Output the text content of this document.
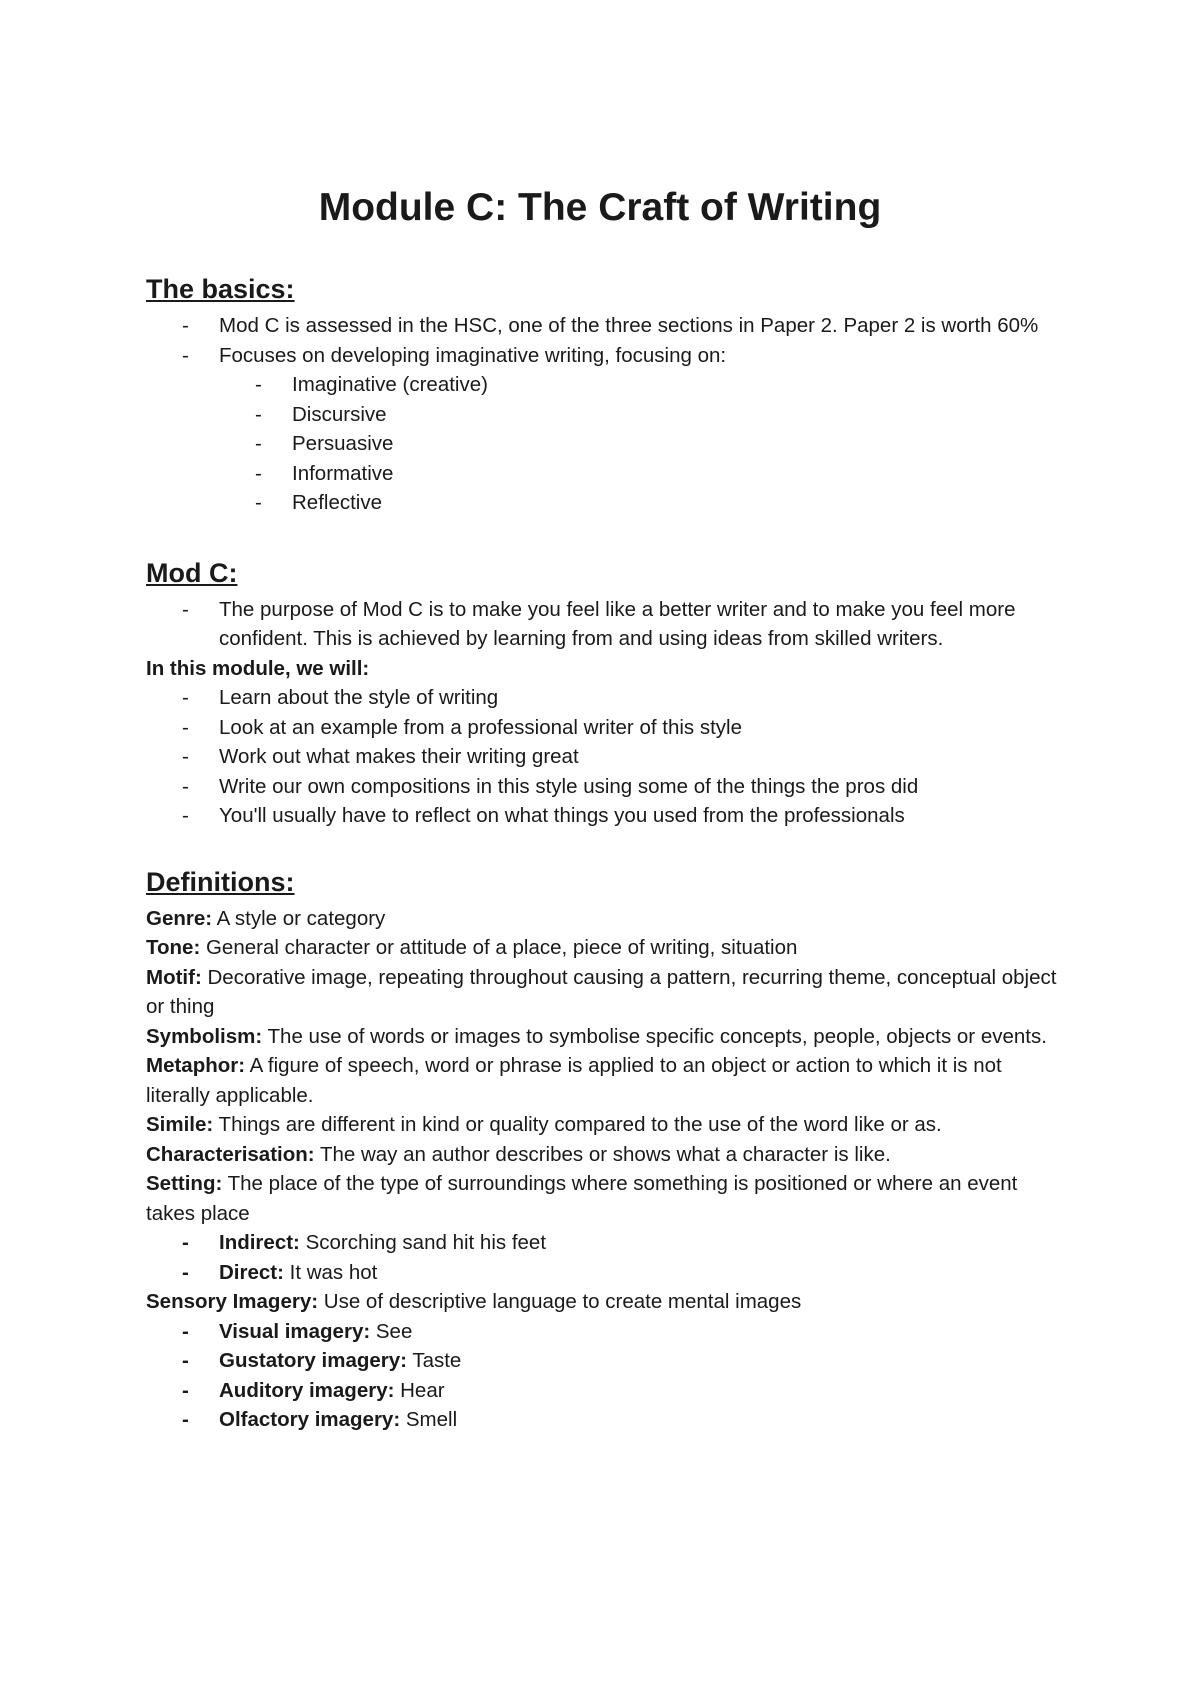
Module C: The Craft of Writing
The basics:
- Mod C is assessed in the HSC, one of the three sections in Paper 2. Paper 2 is worth 60%
- Focuses on developing imaginative writing, focusing on:
- Imaginative (creative)
- Discursive
- Persuasive
- Informative
- Reflective
Mod C:
- The purpose of Mod C is to make you feel like a better writer and to make you feel more confident. This is achieved by learning from and using ideas from skilled writers.

In this module, we will:

- Learn about the style of writing
- Look at an example from a professional writer of this style
- Work out what makes their writing great
- Write our own compositions in this style using some of the things the pros did
- You'll usually have to reflect on what things you used from the professionals
Definitions:

Genre: A style or category

Tone: General character or attitude of a place, piece of writing, situation

Motif: Decorative image, repeating throughout causing a pattern, recurring theme, conceptual object or thing

Symbolism: The use of words or images to symbolise specific concepts, people, objects or events.

Metaphor: A figure of speech, word or phrase is applied to an object or action to which it is not literally applicable.

Simile: Things are different in kind or quality compared to the use of the word like or as.

Characterisation: The way an author describes or shows what a character is like.

Setting: The place of the type of surroundings where something is positioned or where an event takes place

- Indirect: Scorching sand hit his feet
- Direct: It was hot

Sensory Imagery: Use of descriptive language to create mental images

- Visual imagery: See
- Gustatory imagery: Taste
- Auditory imagery: Hear
- Olfactory imagery: Smell
